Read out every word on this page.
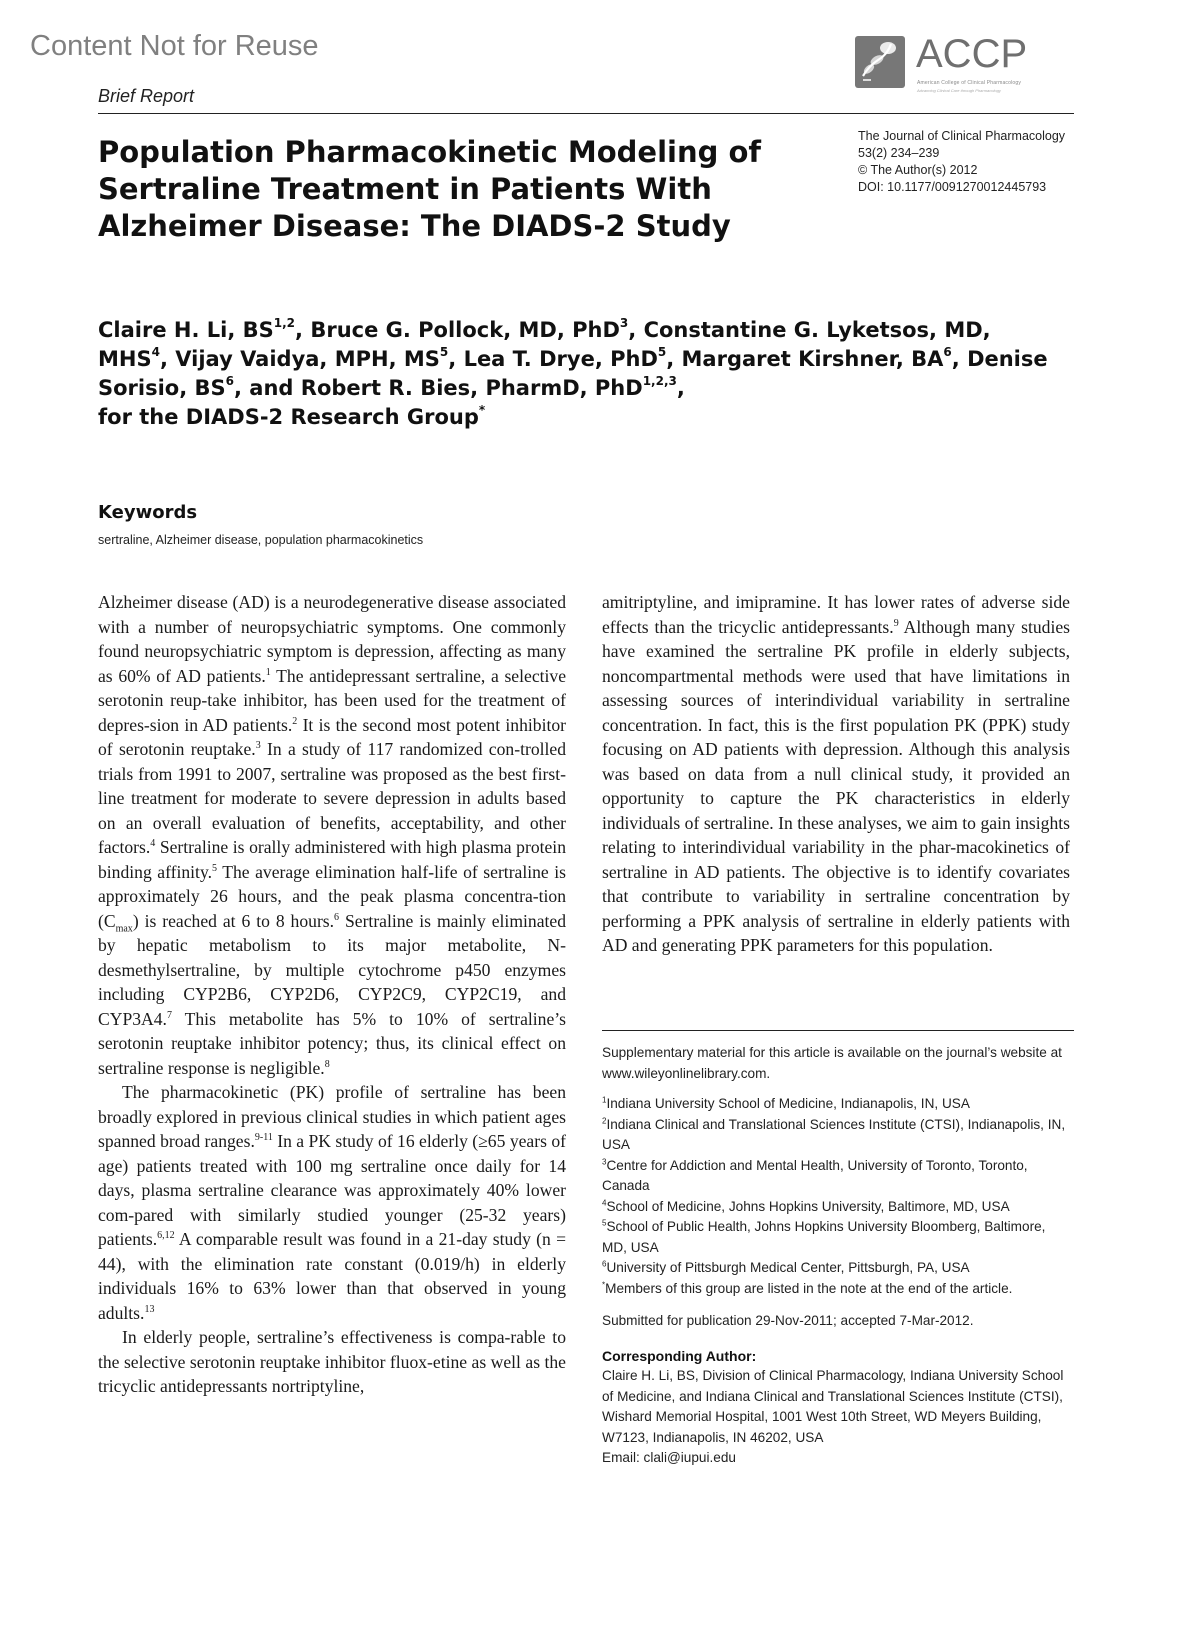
Content Not for Reuse	ACCP
American College of Clinical Pharmacology
Advancing Clinical Care through Pharmacology
Brief Report
Population Pharmacokinetic Modeling of Sertraline Treatment in Patients With Alzheimer Disease: The DIADS-2 Study
The Journal of Clinical Pharmacology
53(2) 234–239
© The Author(s) 2012
DOI: 10.1177/0091270012445793

Claire H. Li, BS$^{1,2}$, Bruce G. Pollock, MD, PhD$^3$, Constantine G. Lyketsos, MD, MHS$^4$, Vijay Vaidya, MPH, $MS^5$, Lea T. Drye, PhD$^5$, Margaret Kirshner, $BA^6$, Denise Sorisio, $BS^6$, and Robert R. Bies, PharmD, PhD$^{1,2,3}$,
for the DIADS-2 Research Group*

Keywords
sertraline, Alzheimer disease, population pharmacokinetics

Alzheimer disease (AD) is a neurodegenerative disease associated with a number of neuropsychiatric symptoms. One commonly found neuropsychiatric symptom is depression, affecting as many as 60% of AD patients.$^1$ The antidepressant sertraline, a selective serotonin reup-take inhibitor, has been used for the treatment of depres-sion in AD patients.$^2$ It is the second most potent inhibitor of serotonin reuptake.$^3$ In a study of 117 randomized con-trolled trials from 1991 to 2007, sertraline was proposed as the best first-line treatment for moderate to severe depression in adults based on an overall evaluation of benefits, acceptability, and other factors.$^4$ Sertraline is orally administered with high plasma protein binding affinity.$^5$ The average elimination half-life of sertraline is approximately 26 hours, and the peak plasma concentra-tion $(C_{max})$ is reached at 6 to 8 hours.$^6$ Sertraline is mainly eliminated by hepatic metabolism to its major metabolite, N-desmethylsertraline, by multiple cytochrome p450 enzymes including CYP2B6, CYP2D6, CYP2C9, CYP2C19, and CYP3A4.$^7$ This metabolite has 5% to 10% of sertraline’s serotonin reuptake inhibitor potency; thus, its clinical effect on sertraline response is negligible.$^8$

The pharmacokinetic (PK) profile of sertraline has been broadly explored in previous clinical studies in which patient ages spanned broad ranges.$^{9-11}$ In a PK study of 16 elderly (≥65 years of age) patients treated with 100 mg sertraline once daily for 14 days, plasma sertraline clearance was approximately 40% lower com-pared with similarly studied younger (25-32 years) patients.$^{6,12}$ A comparable result was found in a 21-day study (n = 44), with the elimination rate constant (0.019/h) in elderly individuals 16% to 63% lower than that observed in young adults.$^{13}$

In elderly people, sertraline’s effectiveness is compa-rable to the selective serotonin reuptake inhibitor fluox-etine as well as the tricyclic antidepressants nortriptyline,

amitriptyline, and imipramine. It has lower rates of adverse side effects than the tricyclic antidepressants.$^9$ Although many studies have examined the sertraline PK profile in elderly subjects, noncompartmental methods were used that have limitations in assessing sources of interindividual variability in sertraline concentration. In fact, this is the first population PK (PPK) study focusing on AD patients with depression. Although this analysis was based on data from a null clinical study, it provided an opportunity to capture the PK characteristics in elderly individuals of sertraline. In these analyses, we aim to gain insights relating to interindividual variability in the phar-macokinetics of sertraline in AD patients. The objective is to identify covariates that contribute to variability in sertraline concentration by performing a PPK analysis of sertraline in elderly patients with AD and generating PPK parameters for this population.

Supplementary material for this article is available on the journal’s website at www.wileyonlinelibrary.com.

$^1$Indiana University School of Medicine, Indianapolis, IN, USA
$^2$Indiana Clinical and Translational Sciences Institute (CTSI), Indianapolis, IN, USA
$^3$Centre for Addiction and Mental Health, University of Toronto, Toronto, Canada
$^4$School of Medicine, Johns Hopkins University, Baltimore, MD, USA
$^5$School of Public Health, Johns Hopkins University Bloomberg, Baltimore, MD, USA
$^6$University of Pittsburgh Medical Center, Pittsburgh, PA, USA
*Members of this group are listed in the note at the end of the article.

Submitted for publication 29-Nov-2011; accepted 7-Mar-2012.

Corresponding Author:

Claire H. Li, BS, Division of Clinical Pharmacology, Indiana University School of Medicine, and Indiana Clinical and Translational Sciences Institute (CTSI), Wishard Memorial Hospital, 1001 West 10th Street, WD Meyers Building, W7123, Indianapolis, IN 46202, USA
Email: clali@iupui.edu
